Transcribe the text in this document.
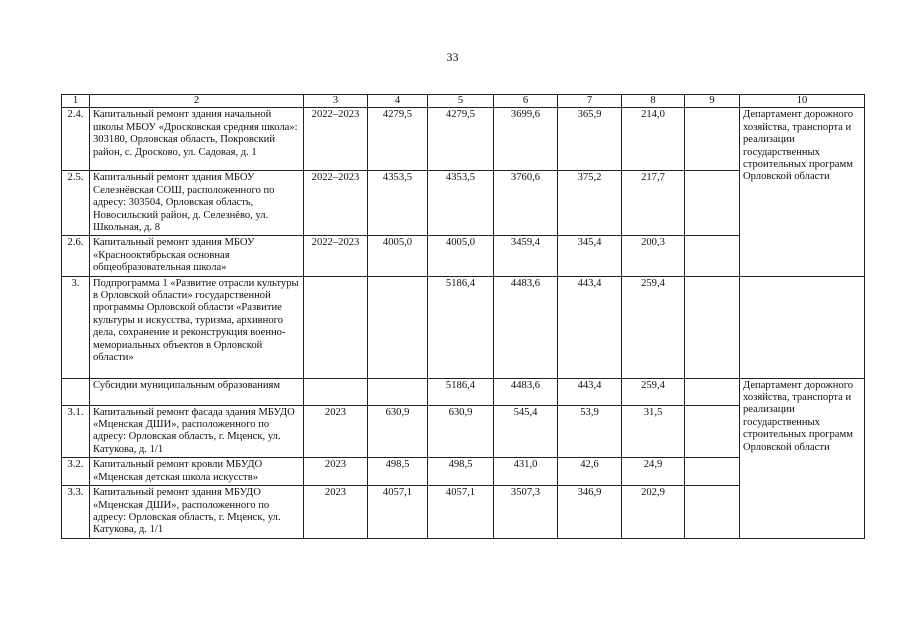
33
1	2	3	4	5	6	7	8	9	10
2.4.	Капитальный ремонт здания начальной школы МБОУ «Дросковская средняя школа»: 303180, Орловская область, Покровский район, с. Дросково, ул. Садовая, д. 1	2022–2023	4279,5	4279,5	3699,6	365,9	214,0		Департамент дорожного хозяйства, транспорта и реализации государственных строительных программ Орловской области
2.5.	Капитальный ремонт здания МБОУ Селезнёвская СОШ, расположенного по адресу: 303504, Орловская область, Новосильский район, д. Селезнёво, ул. Школьная, д. 8	2022–2023	4353,5	4353,5	3760,6	375,2	217,7		
2.6.	Капитальный ремонт здания МБОУ «Краснооктябрьская основная общеобразовательная школа»	2022–2023	4005,0	4005,0	3459,4	345,4	200,3		
3.	Подпрограмма 1 «Развитие отрасли культуры в Орловской области» государственной программы Орловской области «Развитие культуры и искусства, туризма, архивного дела, сохранение и реконструкция военно-мемориальных объектов в Орловской области»			5186,4	4483,6	443,4	259,4		
	Субсидии муниципальным образованиям			5186,4	4483,6	443,4	259,4		Департамент дорожного хозяйства, транспорта и реализации государственных строительных программ Орловской области
3.1.	Капитальный ремонт фасада здания МБУДО «Мценская ДШИ», расположенного по адресу: Орловская область, г. Мценск, ул. Катукова, д. 1/1	2023	630,9	630,9	545,4	53,9	31,5		
3.2.	Капитальный ремонт кровли МБУДО «Мценская детская школа искусств»	2023	498,5	498,5	431,0	42,6	24,9		
3.3.	Капитальный ремонт здания МБУДО «Мценская ДШИ», расположенного по адресу: Орловская область, г. Мценск, ул. Катукова, д. 1/1	2023	4057,1	4057,1	3507,3	346,9	202,9		
